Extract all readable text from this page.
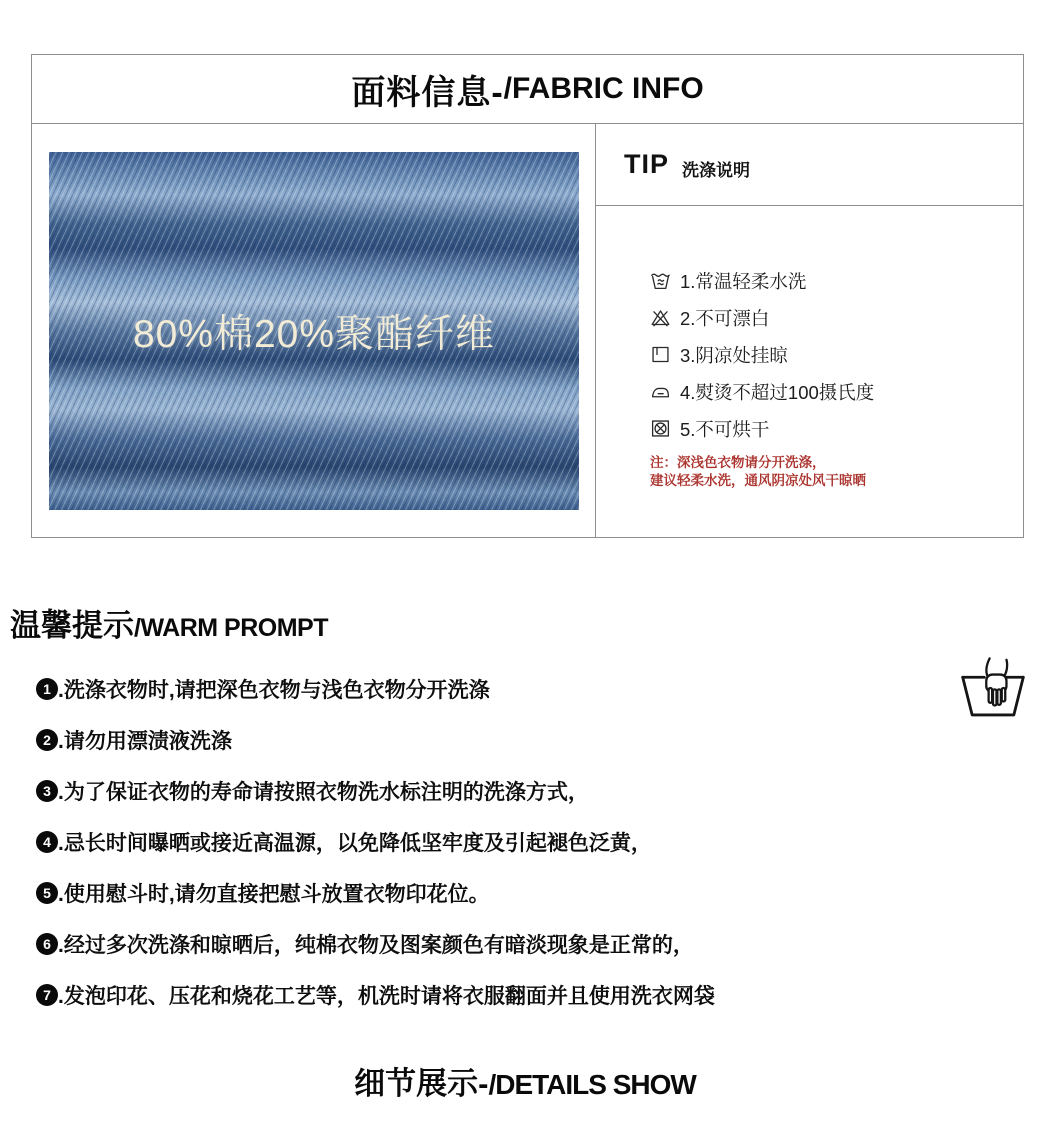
面料信息- /FABRIC INFO
80%棉20%聚酯纤维
TIP 洗涤说明
1.常温轻柔水洗
2.不可漂白
3.阴凉处挂晾
4.熨烫不超过100摄氏度
5.不可烘干
注：深浅色衣物请分开洗涤，
建议轻柔水洗，通风阴凉处风干晾晒
温馨提示 /WARM PROMPT
1 .洗涤衣物时,请把深色衣物与浅色衣物分开洗涤
2 .请勿用漂渍液洗涤
3 .为了保证衣物的寿命请按照衣物洗水标注明的洗涤方式，
4 .忌长时间曝晒或接近高温源，以免降低坚牢度及引起褪色泛黄，
5 .使用慰斗时,请勿直接把慰斗放置衣物印花位。
6 .经过多次洗涤和晾晒后，纯棉衣物及图案颜色有暗淡现象是正常的，
7 .发泡印花、压花和烧花工艺等，机洗时请将衣服翻面并且使用洗衣网袋
细节展示- /DETAILS SHOW
